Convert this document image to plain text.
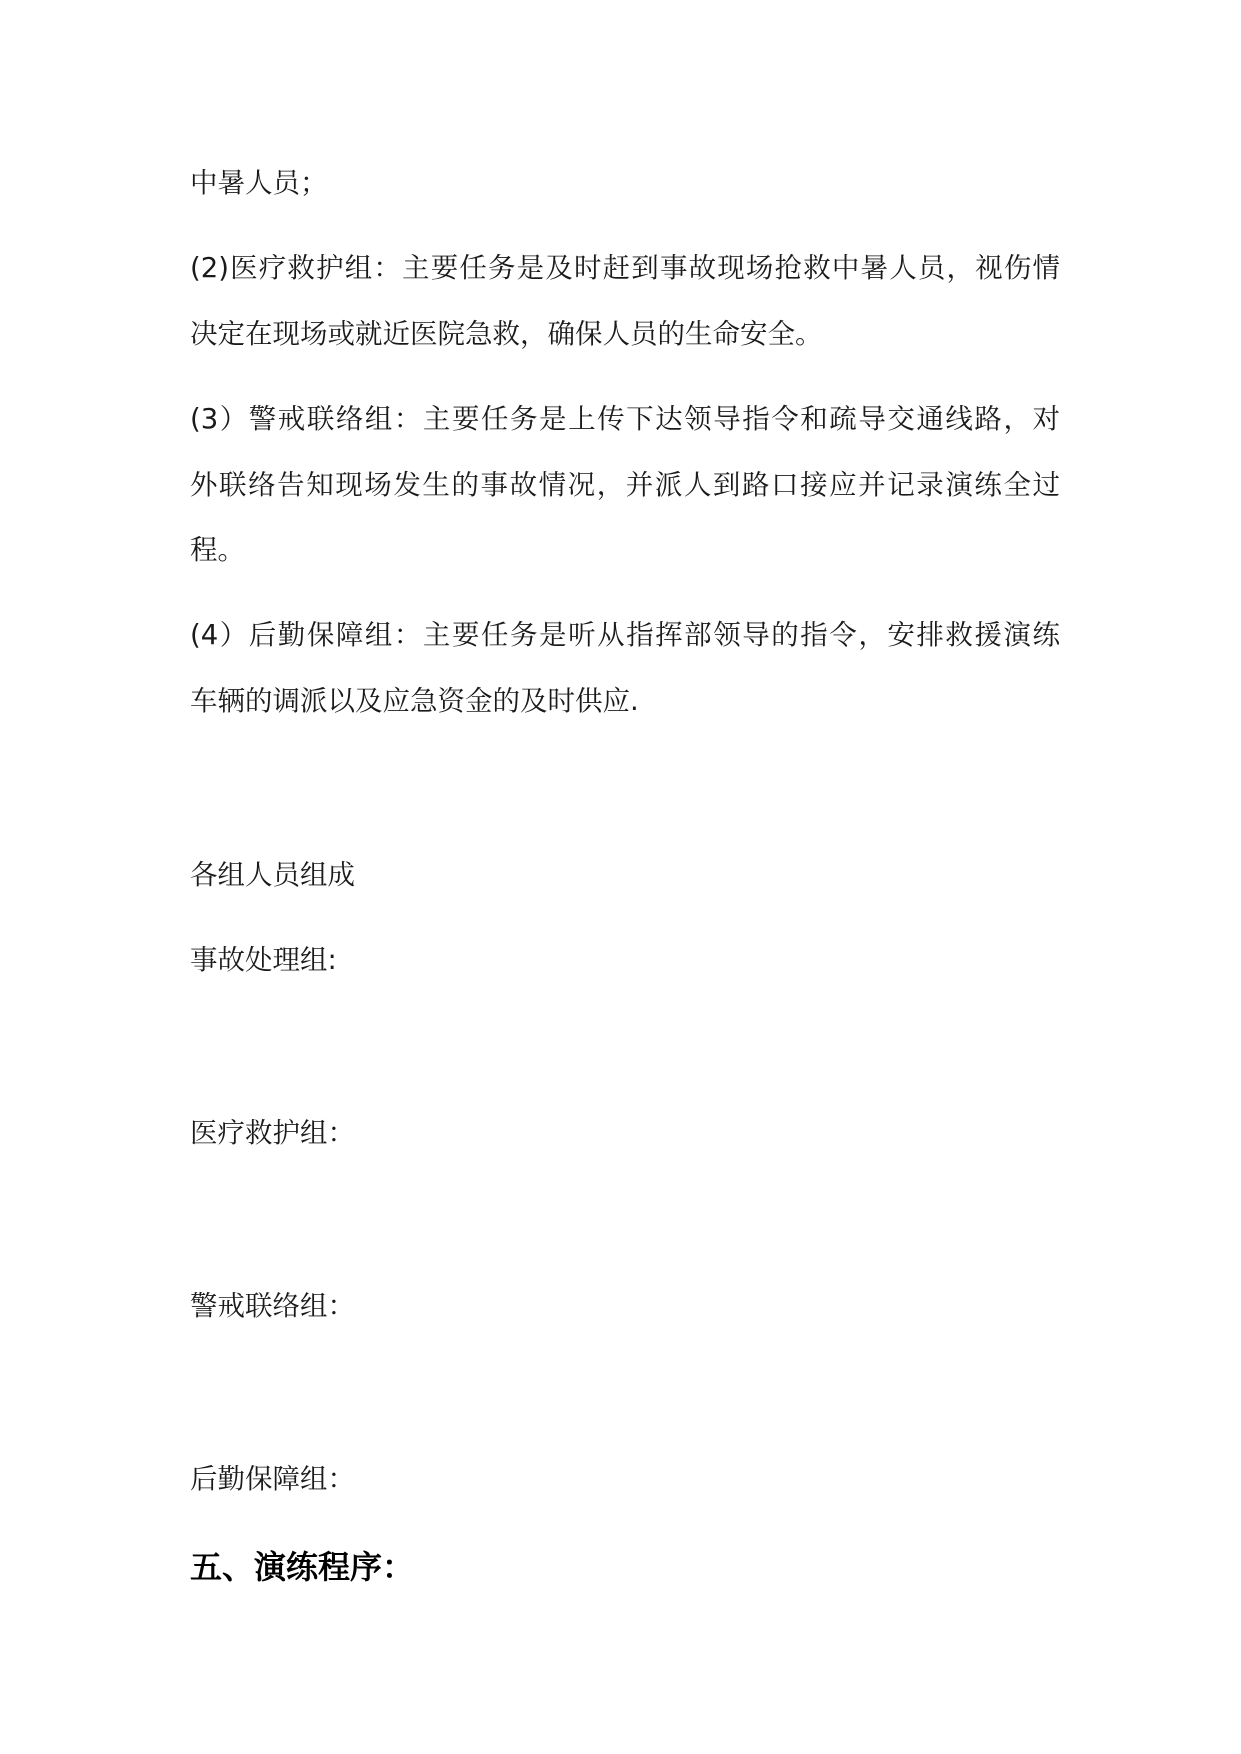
中暑人员；
(2)医疗救护组：主要任务是及时赶到事故现场抢救中暑人员，视伤情
决定在现场或就近医院急救，确保人员的生命安全。
(3）警戒联络组：主要任务是上传下达领导指令和疏导交通线路，对
外联络告知现场发生的事故情况，并派人到路口接应并记录演练全过
程。
(4）后勤保障组：主要任务是听从指挥部领导的指令，安排救援演练
车辆的调派以及应急资金的及时供应.
各组人员组成
事故处理组:
医疗救护组：
警戒联络组：
后勤保障组：
五、演练程序：
